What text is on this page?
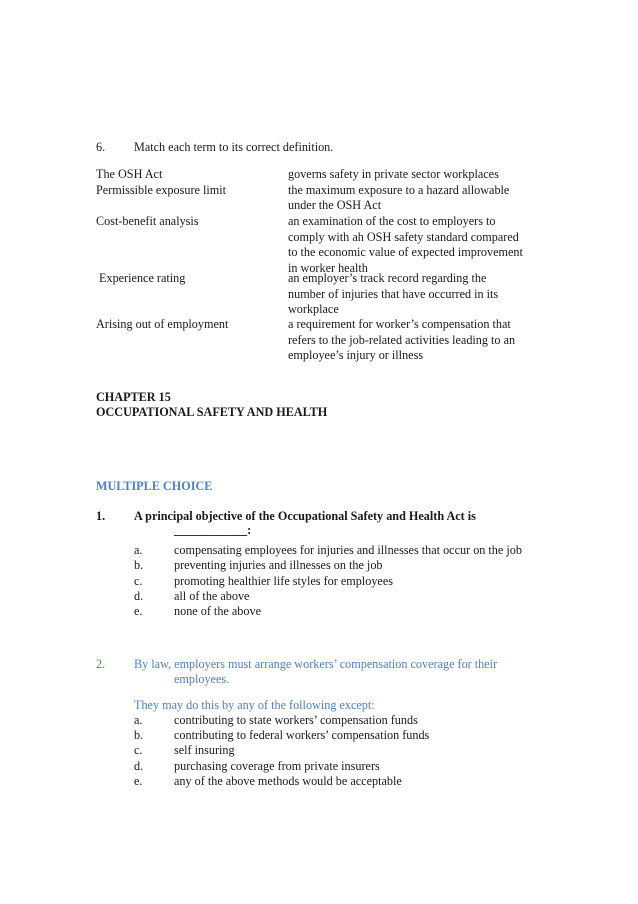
6. Match each term to its correct definition.
The OSH Act	governs safety in private sector workplaces
Permissible exposure limit	the maximum exposure to a hazard allowable
under the OSH Act
Cost-benefit analysis	an examination of the cost to employers to
comply with ah OSH safety standard compared
to the economic value of expected improvement
in worker health
Experience rating	an employer’s track record regarding the
number of injuries that have occurred in its
workplace
Arising out of employment	a requirement for worker’s compensation that
refers to the job-related activities leading to an
employee’s injury or illness
CHAPTER 15
OCCUPATIONAL SAFETY AND HEALTH
MULTIPLE CHOICE
1. A principal objective of the Occupational Safety and Health Act is
____________:
a.	compensating employees for injuries and illnesses that occur on the job
b.	preventing injuries and illnesses on the job
c.	promoting healthier life styles for employees
d.	all of the above
e.	none of the above
2. By law, employers must arrange workers’ compensation coverage for their
employees.
They may do this by any of the following except:
a.	contributing to state workers’ compensation funds
b.	contributing to federal workers’ compensation funds
c.	self insuring
d.	purchasing coverage from private insurers
e.	any of the above methods would be acceptable
